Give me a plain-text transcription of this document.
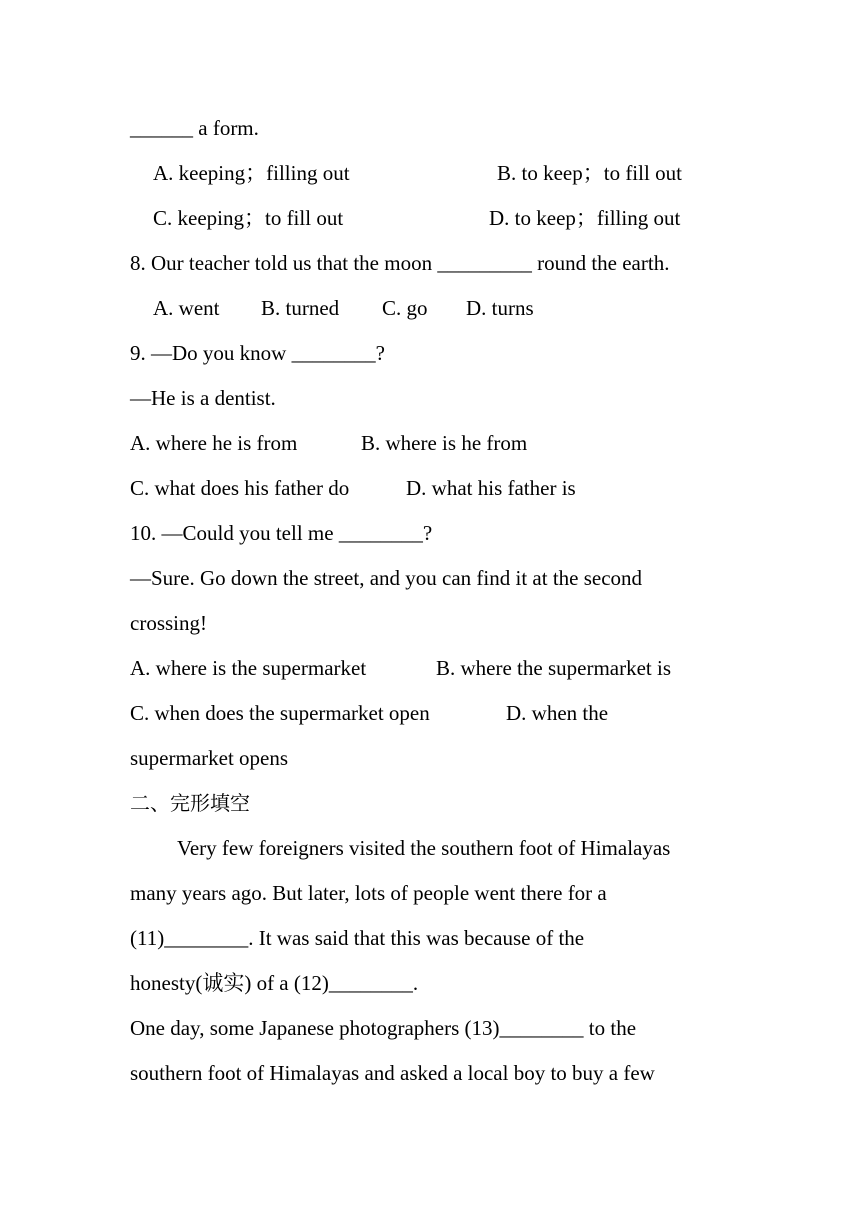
______ a form.
A. keeping；filling out	B. to keep；to fill out
C. keeping；to fill out	D. to keep；filling out
8. Our teacher told us that the moon _________ round the earth.
A. went B. turned C. go D. turns
9. —Do you know ________?
—He is a dentist.
A. where he is from	B. where is he from
C. what does his father do	D. what his father is
10. —Could you tell me ________?
—Sure. Go down the street, and you can find it at the second
crossing!
A. where is the supermarket	B. where the supermarket is
C. when does the supermarket open	D. when the
supermarket opens
二、完形填空
Very few foreigners visited the southern foot of Himalayas
many years ago. But later, lots of people went there for a
(11)________. It was said that this was because of the
honesty(诚实) of a (12)________.
One day, some Japanese photographers (13)________ to the
southern foot of Himalayas and asked a local boy to buy a few
